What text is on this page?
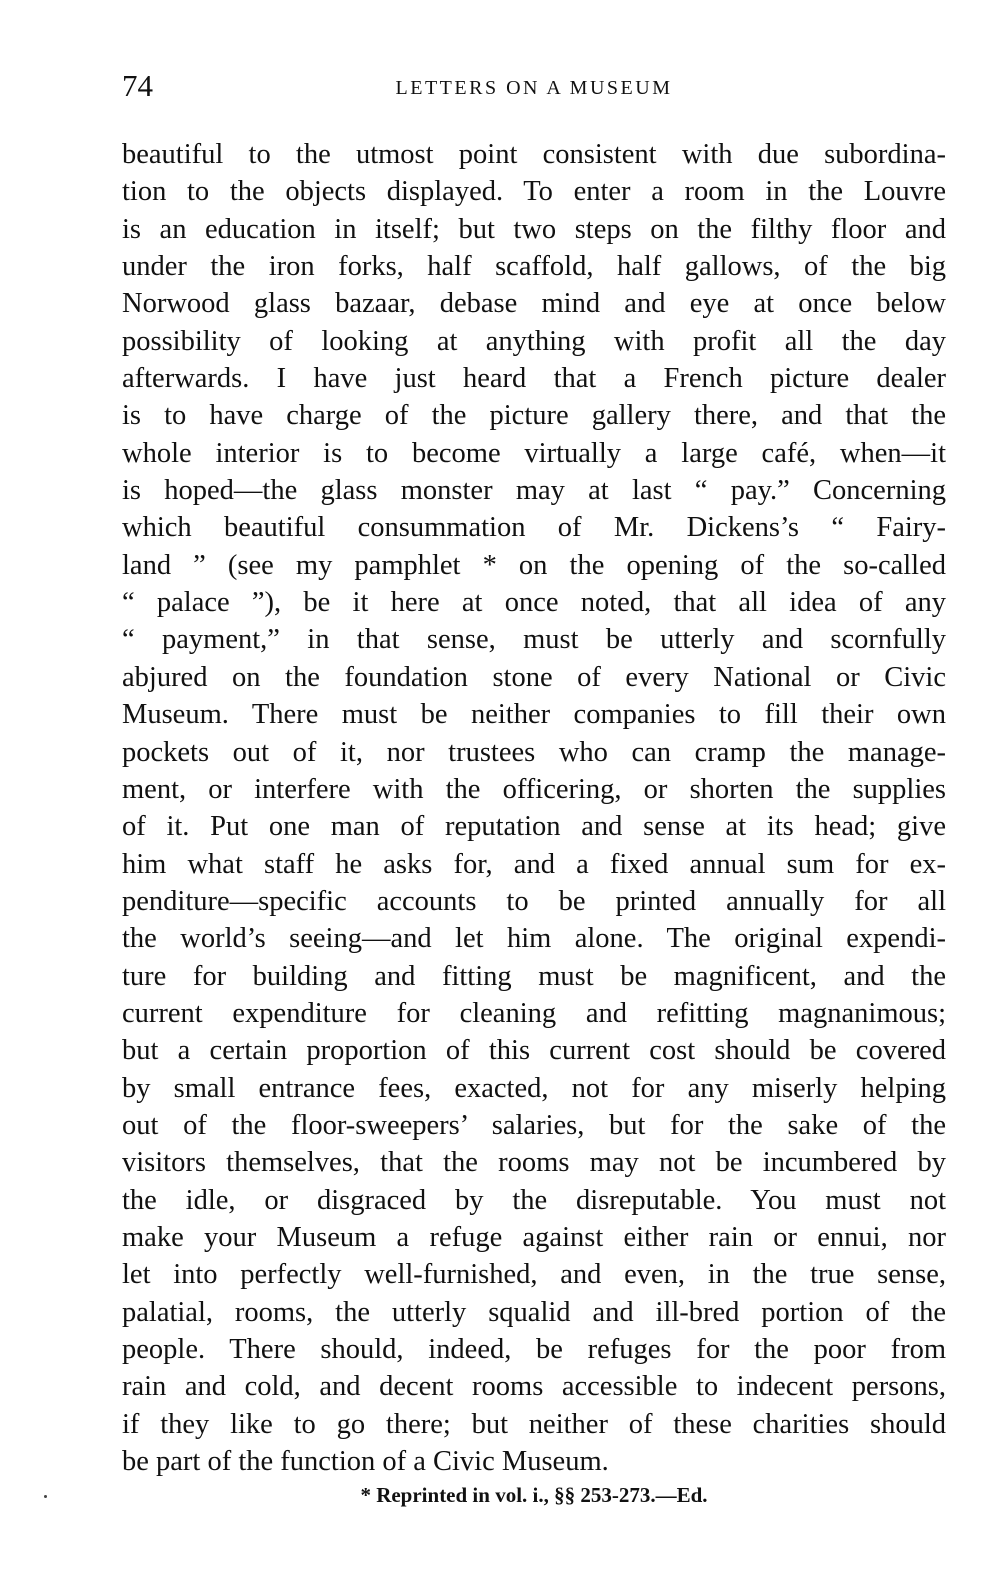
74	LETTERS ON A MUSEUM
beautiful to the utmost point consistent with due subordina-
tion to the objects displayed. To enter a room in the Louvre
is an education in itself; but two steps on the filthy floor and
under the iron forks, half scaffold, half gallows, of the big
Norwood glass bazaar, debase mind and eye at once below
possibility of looking at anything with profit all the day
afterwards. I have just heard that a French picture dealer
is to have charge of the picture gallery there, and that the
whole interior is to become virtually a large café, when—it
is hoped—the glass monster may at last “ pay.” Concerning
which beautiful consummation of Mr. Dickens’s “ Fairy-
land ” (see my pamphlet * on the opening of the so-called
“ palace ”), be it here at once noted, that all idea of any
“ payment,” in that sense, must be utterly and scornfully
abjured on the foundation stone of every National or Civic
Museum. There must be neither companies to fill their own
pockets out of it, nor trustees who can cramp the manage-
ment, or interfere with the officering, or shorten the supplies
of it. Put one man of reputation and sense at its head; give
him what staff he asks for, and a fixed annual sum for ex-
penditure—specific accounts to be printed annually for all
the world’s seeing—and let him alone. The original expendi-
ture for building and fitting must be magnificent, and the
current expenditure for cleaning and refitting magnanimous;
but a certain proportion of this current cost should be covered
by small entrance fees, exacted, not for any miserly helping
out of the floor-sweepers’ salaries, but for the sake of the
visitors themselves, that the rooms may not be incumbered by
the idle, or disgraced by the disreputable. You must not
make your Museum a refuge against either rain or ennui, nor
let into perfectly well-furnished, and even, in the true sense,
palatial, rooms, the utterly squalid and ill-bred portion of the
people. There should, indeed, be refuges for the poor from
rain and cold, and decent rooms accessible to indecent persons,
if they like to go there; but neither of these charities should
be part of the function of a Civic Museum.
* Reprinted in vol. i., §§ 253-273.—Ed.
